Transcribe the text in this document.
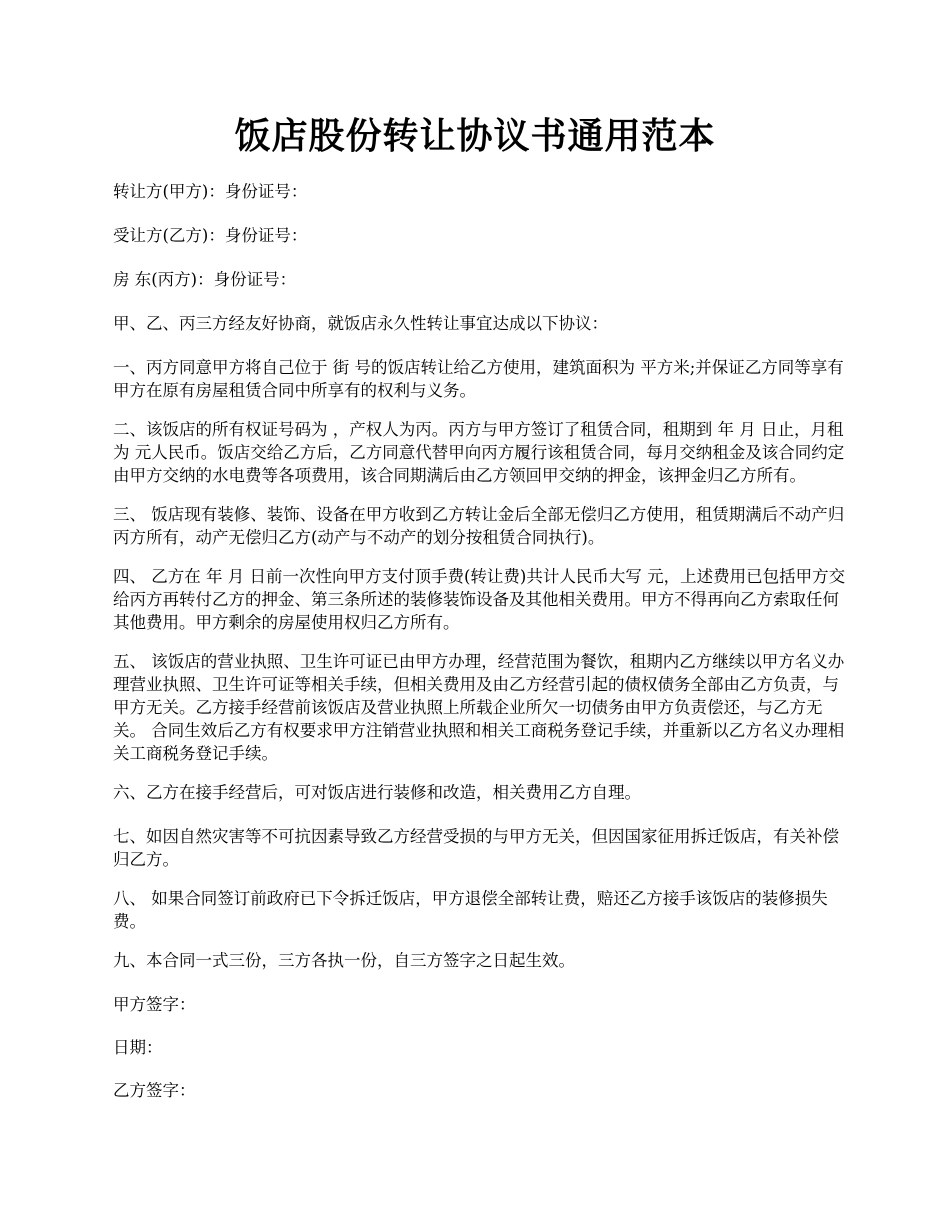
饭店股份转让协议书通用范本

转让方(甲方)：身份证号：

受让方(乙方)：身份证号：

房 东(丙方)：身份证号：

甲、乙、丙三方经友好协商，就饭店永久性转让事宜达成以下协议：

一、丙方同意甲方将自己位于 街 号的饭店转让给乙方使用，建筑面积为 平方米;并保证乙方同等享有甲方在原有房屋租赁合同中所享有的权利与义务。

二、该饭店的所有权证号码为 ，产权人为丙。丙方与甲方签订了租赁合同，租期到 年 月 日止，月租为 元人民币。饭店交给乙方后，乙方同意代替甲向丙方履行该租赁合同，每月交纳租金及该合同约定由甲方交纳的水电费等各项费用，该合同期满后由乙方领回甲交纳的押金，该押金归乙方所有。

三、 饭店现有装修、装饰、设备在甲方收到乙方转让金后全部无偿归乙方使用，租赁期满后不动产归丙方所有，动产无偿归乙方(动产与不动产的划分按租赁合同执行)。

四、 乙方在 年 月 日前一次性向甲方支付顶手费(转让费)共计人民币大写 元，上述费用已包括甲方交给丙方再转付乙方的押金、第三条所述的装修装饰设备及其他相关费用。甲方不得再向乙方索取任何其他费用。甲方剩余的房屋使用权归乙方所有。

五、 该饭店的营业执照、卫生许可证已由甲方办理，经营范围为餐饮，租期内乙方继续以甲方名义办理营业执照、卫生许可证等相关手续，但相关费用及由乙方经营引起的债权债务全部由乙方负责，与甲方无关。乙方接手经营前该饭店及营业执照上所载企业所欠一切债务由甲方负责偿还，与乙方无关。 合同生效后乙方有权要求甲方注销营业执照和相关工商税务登记手续，并重新以乙方名义办理相关工商税务登记手续。

六、乙方在接手经营后，可对饭店进行装修和改造，相关费用乙方自理。

七、如因自然灾害等不可抗因素导致乙方经营受损的与甲方无关，但因国家征用拆迁饭店，有关补偿归乙方。

八、 如果合同签订前政府已下令拆迁饭店，甲方退偿全部转让费，赔还乙方接手该饭店的装修损失费。

九、本合同一式三份，三方各执一份，自三方签字之日起生效。

甲方签字：

日期：

乙方签字：
